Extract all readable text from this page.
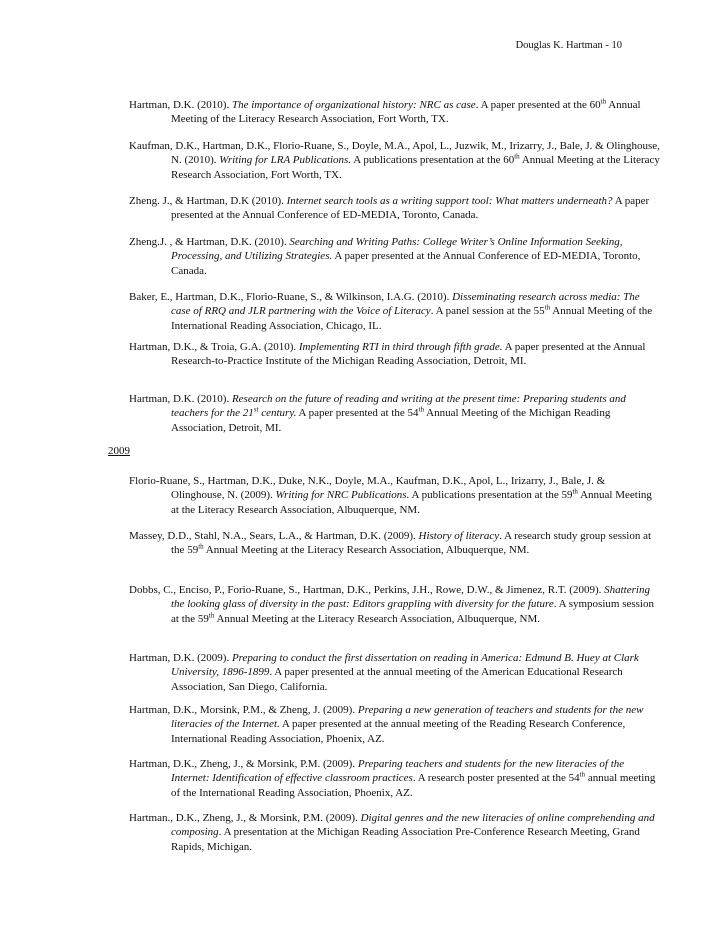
Douglas K. Hartman - 10
Hartman, D.K. (2010). The importance of organizational history: NRC as case. A paper presented at the 60th Annual Meeting of the Literacy Research Association, Fort Worth, TX.
Kaufman, D.K., Hartman, D.K., Florio-Ruane, S., Doyle, M.A., Apol, L., Juzwik, M., Irizarry, J., Bale, J. & Olinghouse, N. (2010). Writing for LRA Publications. A publications presentation at the 60th Annual Meeting at the Literacy Research Association, Fort Worth, TX.
Zheng. J., & Hartman, D.K (2010). Internet search tools as a writing support tool: What matters underneath? A paper presented at the Annual Conference of ED-MEDIA, Toronto, Canada.
Zheng.J. , & Hartman, D.K. (2010). Searching and Writing Paths: College Writer’s Online Information Seeking, Processing, and Utilizing Strategies. A paper presented at the Annual Conference of ED-MEDIA, Toronto, Canada.
Baker, E., Hartman, D.K., Florio-Ruane, S., & Wilkinson, I.A.G. (2010). Disseminating research across media: The case of RRQ and JLR partnering with the Voice of Literacy. A panel session at the 55th Annual Meeting of the International Reading Association, Chicago, IL.
Hartman, D.K., & Troia, G.A. (2010). Implementing RTI in third through fifth grade. A paper presented at the Annual Research-to-Practice Institute of the Michigan Reading Association, Detroit, MI.
Hartman, D.K. (2010). Research on the future of reading and writing at the present time: Preparing students and teachers for the 21st century. A paper presented at the 54th Annual Meeting of the Michigan Reading Association, Detroit, MI.
2009
Florio-Ruane, S., Hartman, D.K., Duke, N.K., Doyle, M.A., Kaufman, D.K., Apol, L., Irizarry, J., Bale, J. & Olinghouse, N. (2009). Writing for NRC Publications. A publications presentation at the 59th Annual Meeting at the Literacy Research Association, Albuquerque, NM.
Massey, D.D., Stahl, N.A., Sears, L.A., & Hartman, D.K. (2009). History of literacy. A research study group session at the 59th Annual Meeting at the Literacy Research Association, Albuquerque, NM.
Dobbs, C., Enciso, P., Forio-Ruane, S., Hartman, D.K., Perkins, J.H., Rowe, D.W., & Jimenez, R.T. (2009). Shattering the looking glass of diversity in the past: Editors grappling with diversity for the future. A symposium session at the 59th Annual Meeting at the Literacy Research Association, Albuquerque, NM.
Hartman, D.K. (2009). Preparing to conduct the first dissertation on reading in America: Edmund B. Huey at Clark University, 1896-1899. A paper presented at the annual meeting of the American Educational Research Association, San Diego, California.
Hartman, D.K., Morsink, P.M., & Zheng, J. (2009). Preparing a new generation of teachers and students for the new literacies of the Internet. A paper presented at the annual meeting of the Reading Research Conference, International Reading Association, Phoenix, AZ.
Hartman, D.K., Zheng, J., & Morsink, P.M. (2009). Preparing teachers and students for the new literacies of the Internet: Identification of effective classroom practices. A research poster presented at the 54th annual meeting of the International Reading Association, Phoenix, AZ.
Hartman., D.K., Zheng, J., & Morsink, P.M. (2009). Digital genres and the new literacies of online comprehending and composing. A presentation at the Michigan Reading Association Pre-Conference Research Meeting, Grand Rapids, Michigan.
